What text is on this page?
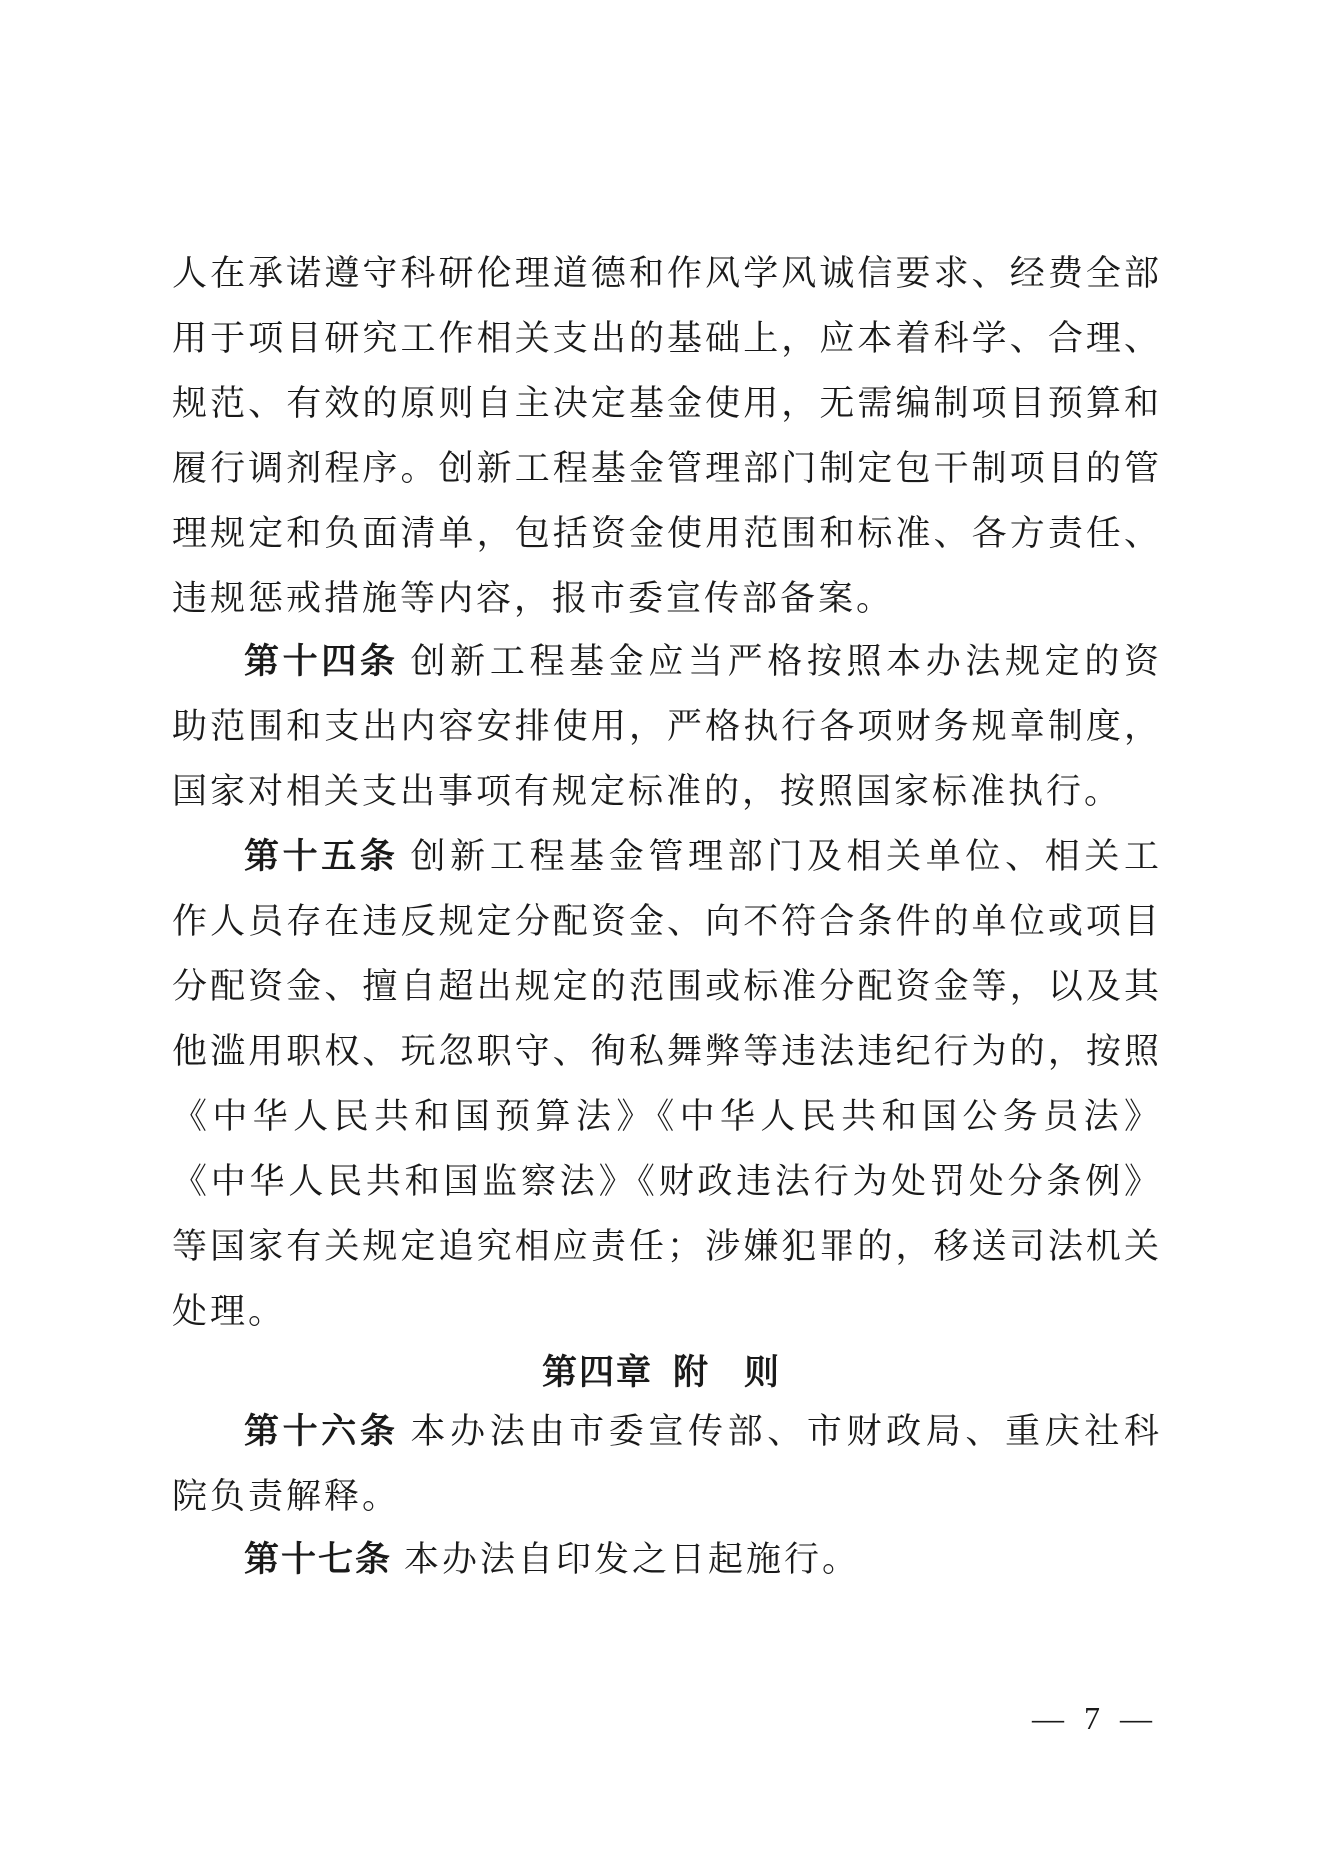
人在承诺遵守科研伦理道德和作风学风诚信要求、经费全部用于项目研究工作相关支出的基础上，应本着科学、合理、规范、有效的原则自主决定基金使用，无需编制项目预算和履行调剂程序。创新工程基金管理部门制定包干制项目的管理规定和负面清单，包括资金使用范围和标准、各方责任、违规惩戒措施等内容，报市委宣传部备案。

第十四条 创新工程基金应当严格按照本办法规定的资助范围和支出内容安排使用，严格执行各项财务规章制度，国家对相关支出事项有规定标准的，按照国家标准执行。

第十五条 创新工程基金管理部门及相关单位、相关工作人员存在违反规定分配资金、向不符合条件的单位或项目分配资金、擅自超出规定的范围或标准分配资金等，以及其他滥用职权、玩忽职守、徇私舞弊等违法违纪行为的，按照《中华人民共和国预算法》《中华人民共和国公务员法》《中华人民共和国监察法》《财政违法行为处罚处分条例》等国家有关规定追究相应责任；涉嫌犯罪的，移送司法机关处理。

第四章 附 则

第十六条 本办法由市委宣传部、市财政局、重庆社科院负责解释。

第十七条 本办法自印发之日起施行。

— 7 —
